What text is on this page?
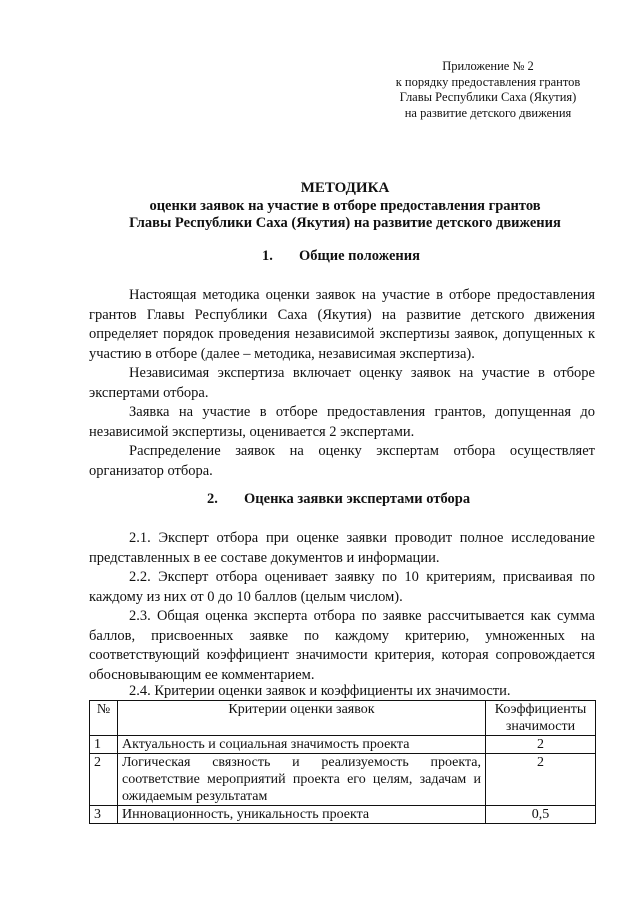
Приложение № 2
к порядку предоставления грантов
Главы Республики Саха (Якутия)
на развитие детского движения
МЕТОДИКА
оценки заявок на участие в отборе предоставления грантов
Главы Республики Саха (Якутия) на развитие детского движения
1. Общие положения
Настоящая методика оценки заявок на участие в отборе предоставления грантов Главы Республики Саха (Якутия) на развитие детского движения определяет порядок проведения независимой экспертизы заявок, допущенных к участию в отборе (далее – методика, независимая экспертиза).
Независимая экспертиза включает оценку заявок на участие в отборе экспертами отбора.
Заявка на участие в отборе предоставления грантов, допущенная до независимой экспертизы, оценивается 2 экспертами.
Распределение заявок на оценку экспертам отбора осуществляет организатор отбора.
2. Оценка заявки экспертами отбора
2.1. Эксперт отбора при оценке заявки проводит полное исследование представленных в ее составе документов и информации.
2.2. Эксперт отбора оценивает заявку по 10 критериям, присваивая по каждому из них от 0 до 10 баллов (целым числом).
2.3. Общая оценка эксперта отбора по заявке рассчитывается как сумма баллов, присвоенных заявке по каждому критерию, умноженных на соответствующий коэффициент значимости критерия, которая сопровождается обосновывающим ее комментарием.
2.4. Критерии оценки заявок и коэффициенты их значимости.
№	Критерии оценки заявок	Коэффициенты
значимости

1	Актуальность и социальная значимость проекта	2
2	Логическая связность и реализуемость проекта, соответствие мероприятий проекта его целям, задачам и ожидаемым результатам	2
3	Инновационность, уникальность проекта	0,5
